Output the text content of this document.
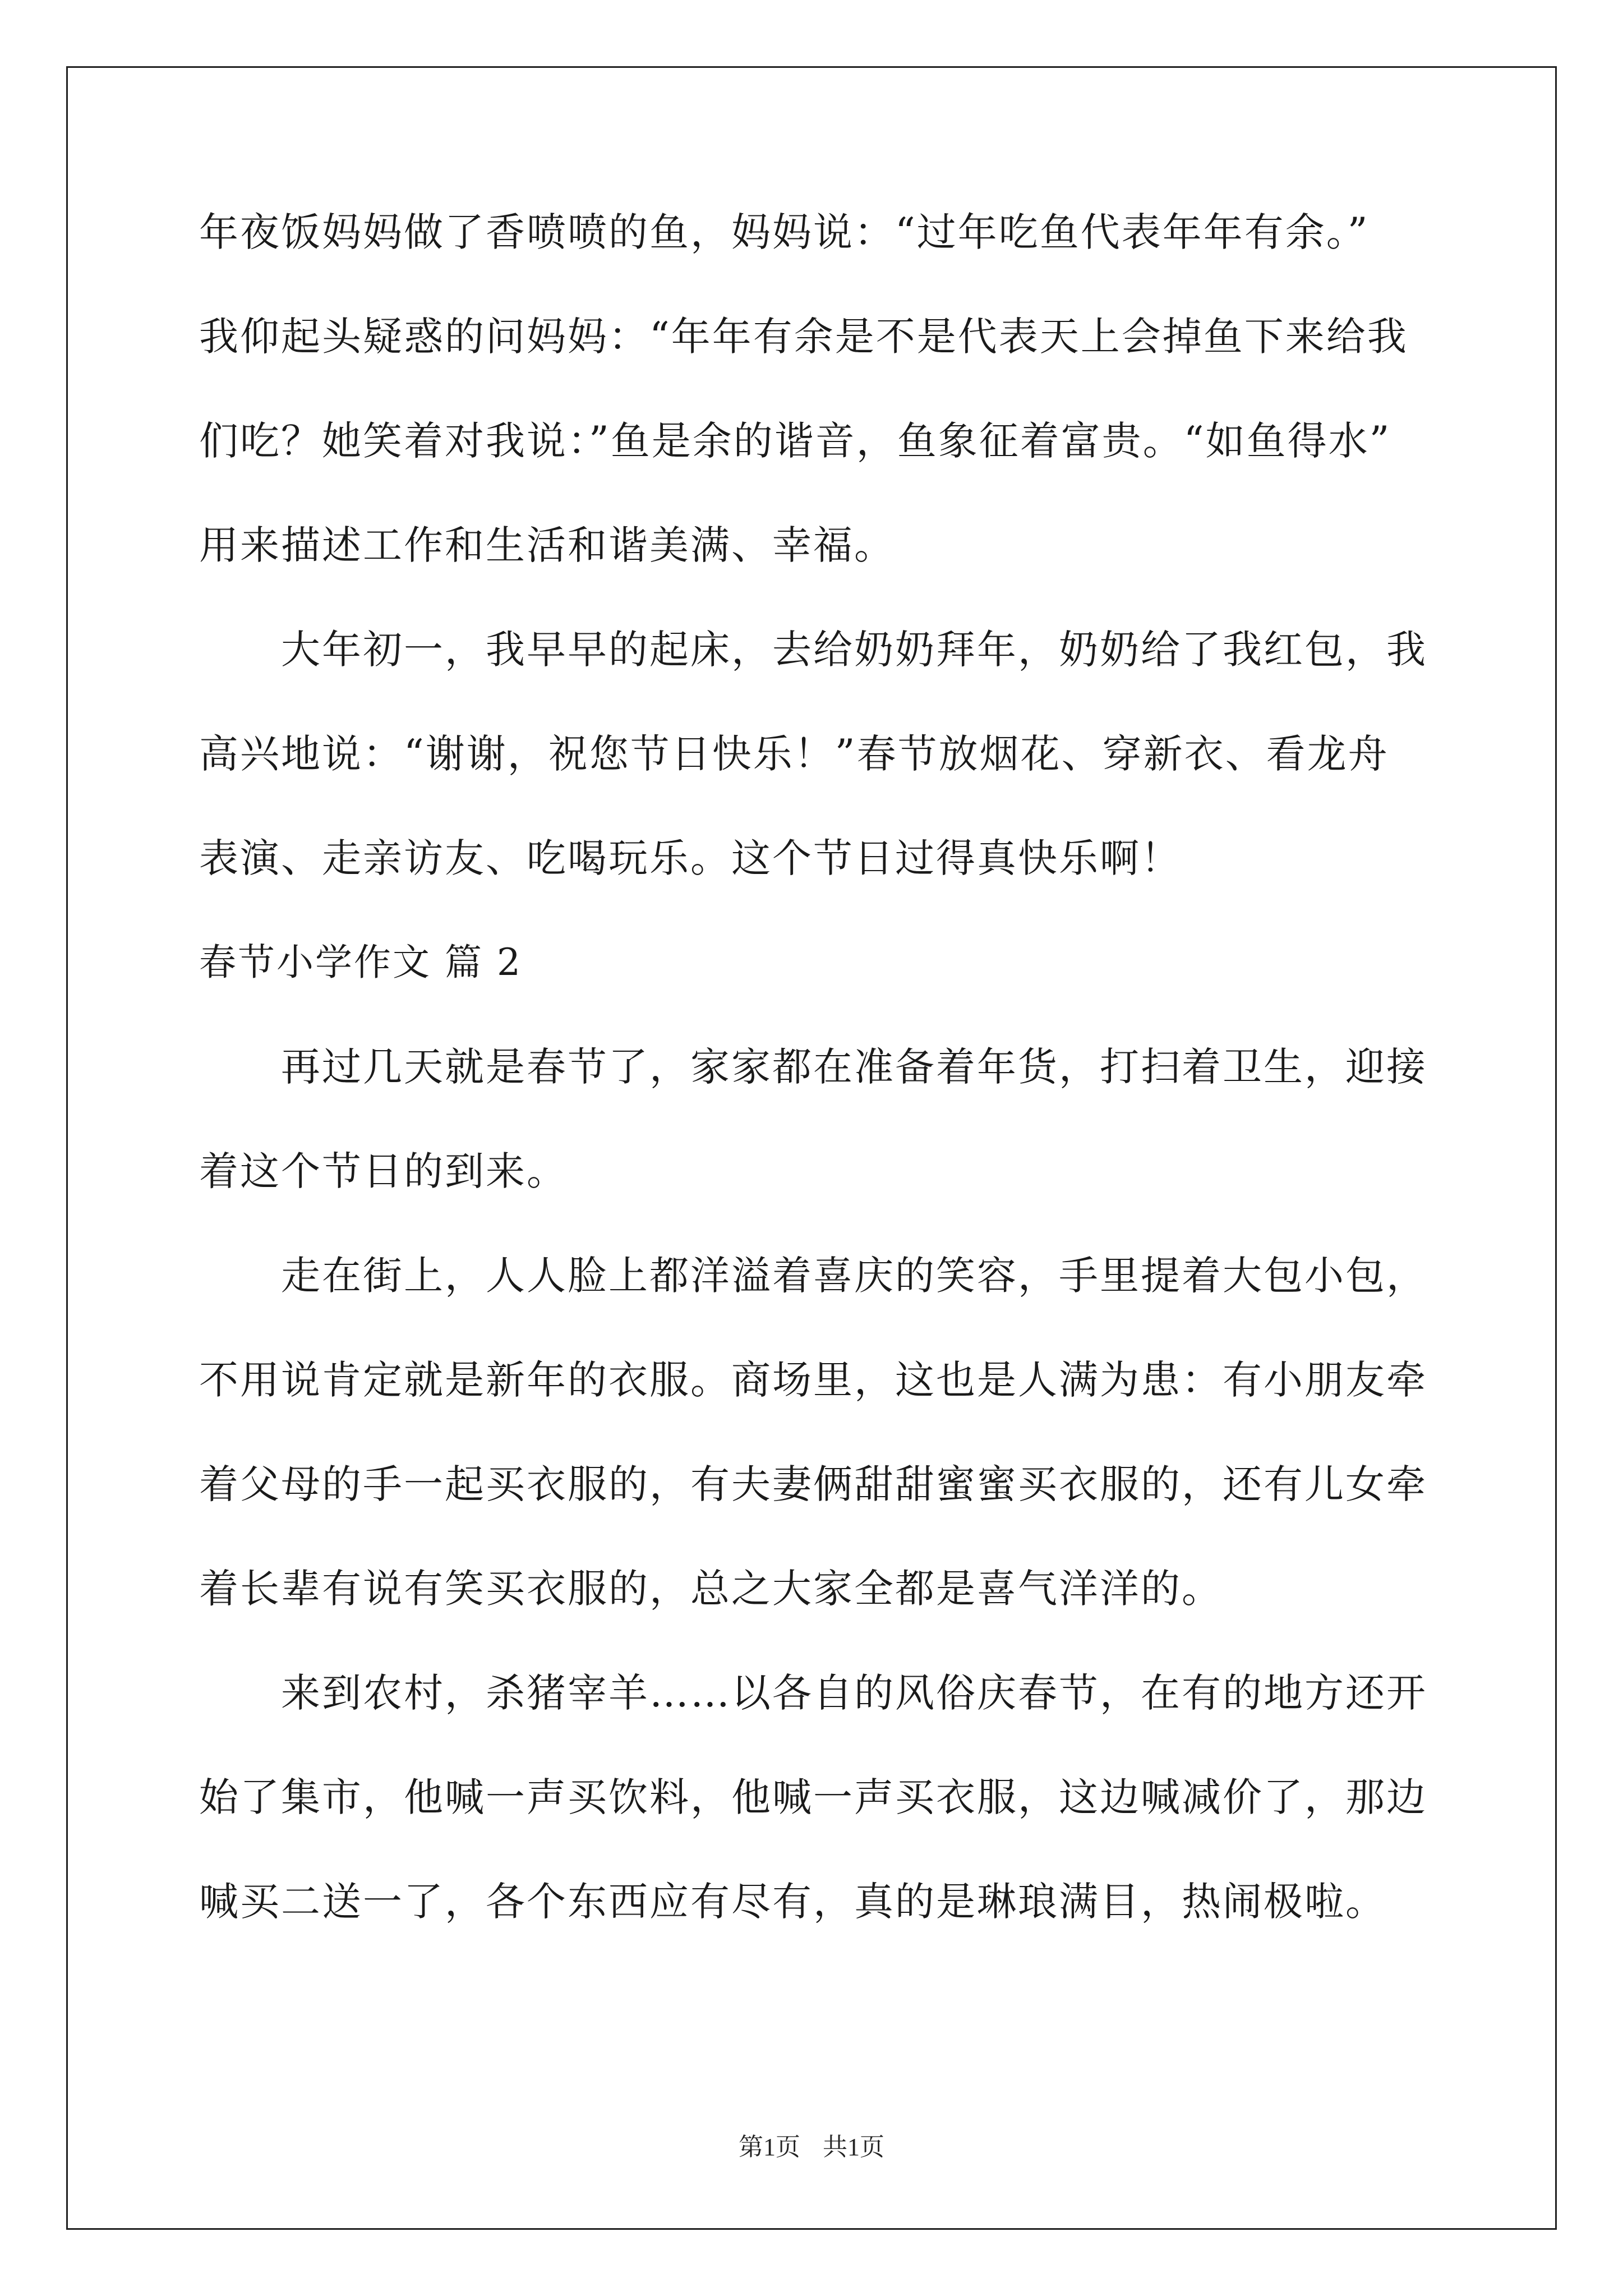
年夜饭妈妈做了香喷喷的鱼，妈妈说：“过年吃鱼代表年年有余。”
我仰起头疑惑的问妈妈：“年年有余是不是代表天上会掉鱼下来给我
们吃？她笑着对我说：”鱼是余的谐音，鱼象征着富贵。“如鱼得水”
用来描述工作和生活和谐美满、幸福。
大年初一，我早早的起床，去给奶奶拜年，奶奶给了我红包，我
高兴地说：“谢谢，祝您节日快乐！”春节放烟花、穿新衣、看龙舟
表演、走亲访友、吃喝玩乐。这个节日过得真快乐啊！
春节小学作文 篇 2
再过几天就是春节了，家家都在准备着年货，打扫着卫生，迎接
着这个节日的到来。
走在街上，人人脸上都洋溢着喜庆的笑容，手里提着大包小包，
不用说肯定就是新年的衣服。商场里，这也是人满为患：有小朋友牵
着父母的手一起买衣服的，有夫妻俩甜甜蜜蜜买衣服的，还有儿女牵
着长辈有说有笑买衣服的，总之大家全都是喜气洋洋的。
来到农村，杀猪宰羊……以各自的风俗庆春节，在有的地方还开
始了集市，他喊一声买饮料，他喊一声买衣服，这边喊减价了，那边
喊买二送一了，各个东西应有尽有，真的是琳琅满目，热闹极啦。
第1页 共1页
